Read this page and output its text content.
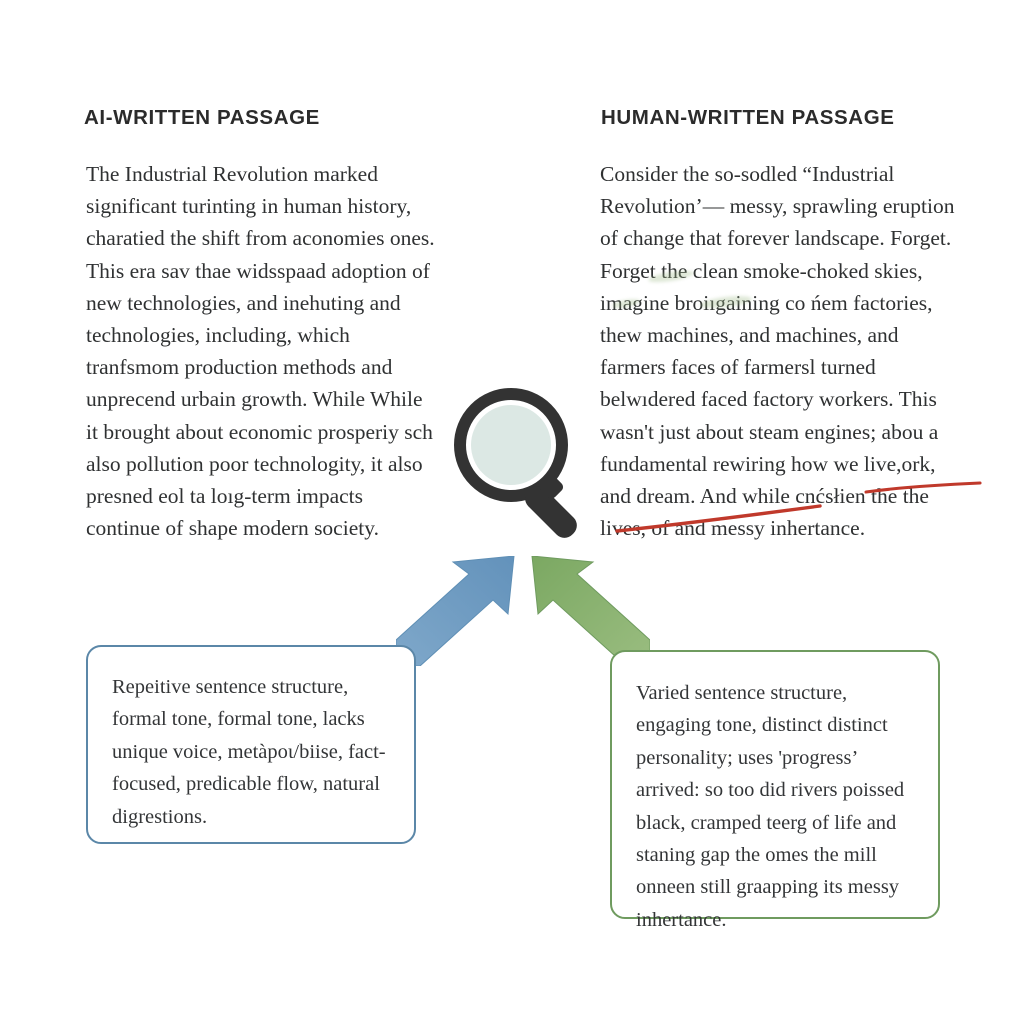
AI-WRITTEN PASSAGE	HUMAN-WRITTEN PASSAGE
The Industrial Revolution marked significant turinting in human history, charatied the shift from aconomies ones. This era sav thae widsspaad adoption of new technologies, and inehuting and technologies, including, which tranfsmom production methods and unprecend urbain growth. While While it brought about economic prosperiy sch also pollution poor technologity, it also presned eol ta loıg-term impacts continue of shape modern society.
Consider the so-sodled “Industrial Revolution’— messy, sprawling eruption of change that forever landscape. Forget. Forget the clean smoke-choked skies, imagine broiıgaining co ńem factories, thew machines, and machines, and farmers faces of farmersl turned belwıdered faced factory workers. This wasn't just about steam engines; abou a fundamental rewiring how we live,ork, and dream. And while cnćsłien the the lives, of and messy inhertance.
Repeitive sentence structure, formal tone, formal tone, lacks unique voice, metàpoɩ/biise, fact-focused, predicable flow, natural digrestions.
Varied sentence structure, engaging tone, distinct distinct personality; uses 'progress’ arrived: so too did rivers poissed black, cramped teerg of life and staning gap the omes the mill onneen still graapping its messy inhertance.
